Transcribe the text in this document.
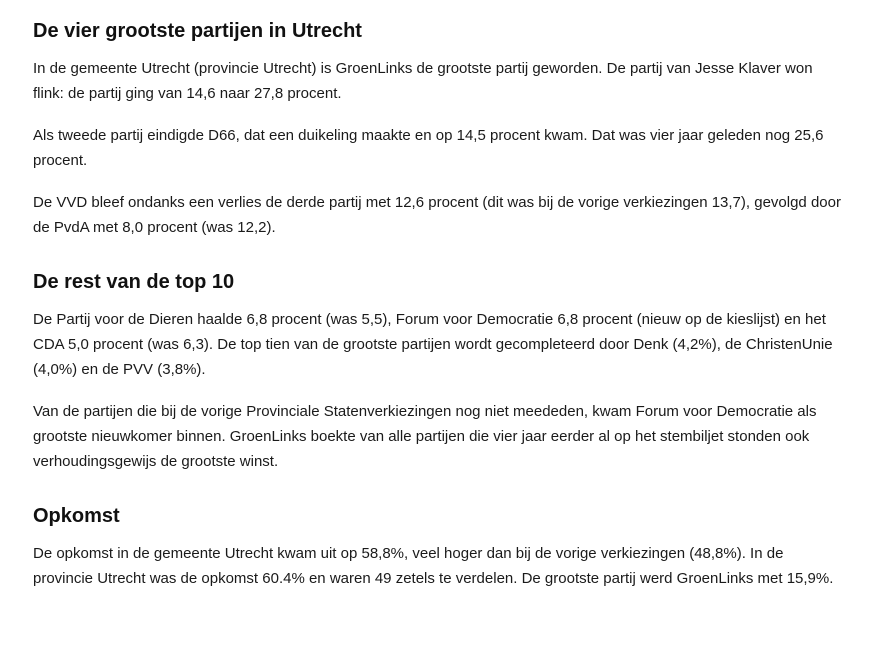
De vier grootste partijen in Utrecht

In de gemeente Utrecht (provincie Utrecht) is GroenLinks de grootste partij geworden. De partij van Jesse Klaver won flink: de partij ging van 14,6 naar 27,8 procent.

Als tweede partij eindigde D66, dat een duikeling maakte en op 14,5 procent kwam. Dat was vier jaar geleden nog 25,6 procent.

De VVD bleef ondanks een verlies de derde partij met 12,6 procent (dit was bij de vorige verkiezingen 13,7), gevolgd door de PvdA met 8,0 procent (was 12,2).

De rest van de top 10

De Partij voor de Dieren haalde 6,8 procent (was 5,5), Forum voor Democratie 6,8 procent (nieuw op de kieslijst) en het CDA 5,0 procent (was 6,3). De top tien van de grootste partijen wordt gecompleteerd door Denk (4,2%), de ChristenUnie (4,0%) en de PVV (3,8%).

Van de partijen die bij de vorige Provinciale Statenverkiezingen nog niet meededen, kwam Forum voor Democratie als grootste nieuwkomer binnen. GroenLinks boekte van alle partijen die vier jaar eerder al op het stembiljet stonden ook verhoudingsgewijs de grootste winst.

Opkomst

De opkomst in de gemeente Utrecht kwam uit op 58,8%, veel hoger dan bij de vorige verkiezingen (48,8%). In de provincie Utrecht was de opkomst 60.4% en waren 49 zetels te verdelen. De grootste partij werd GroenLinks met 15,9%.
